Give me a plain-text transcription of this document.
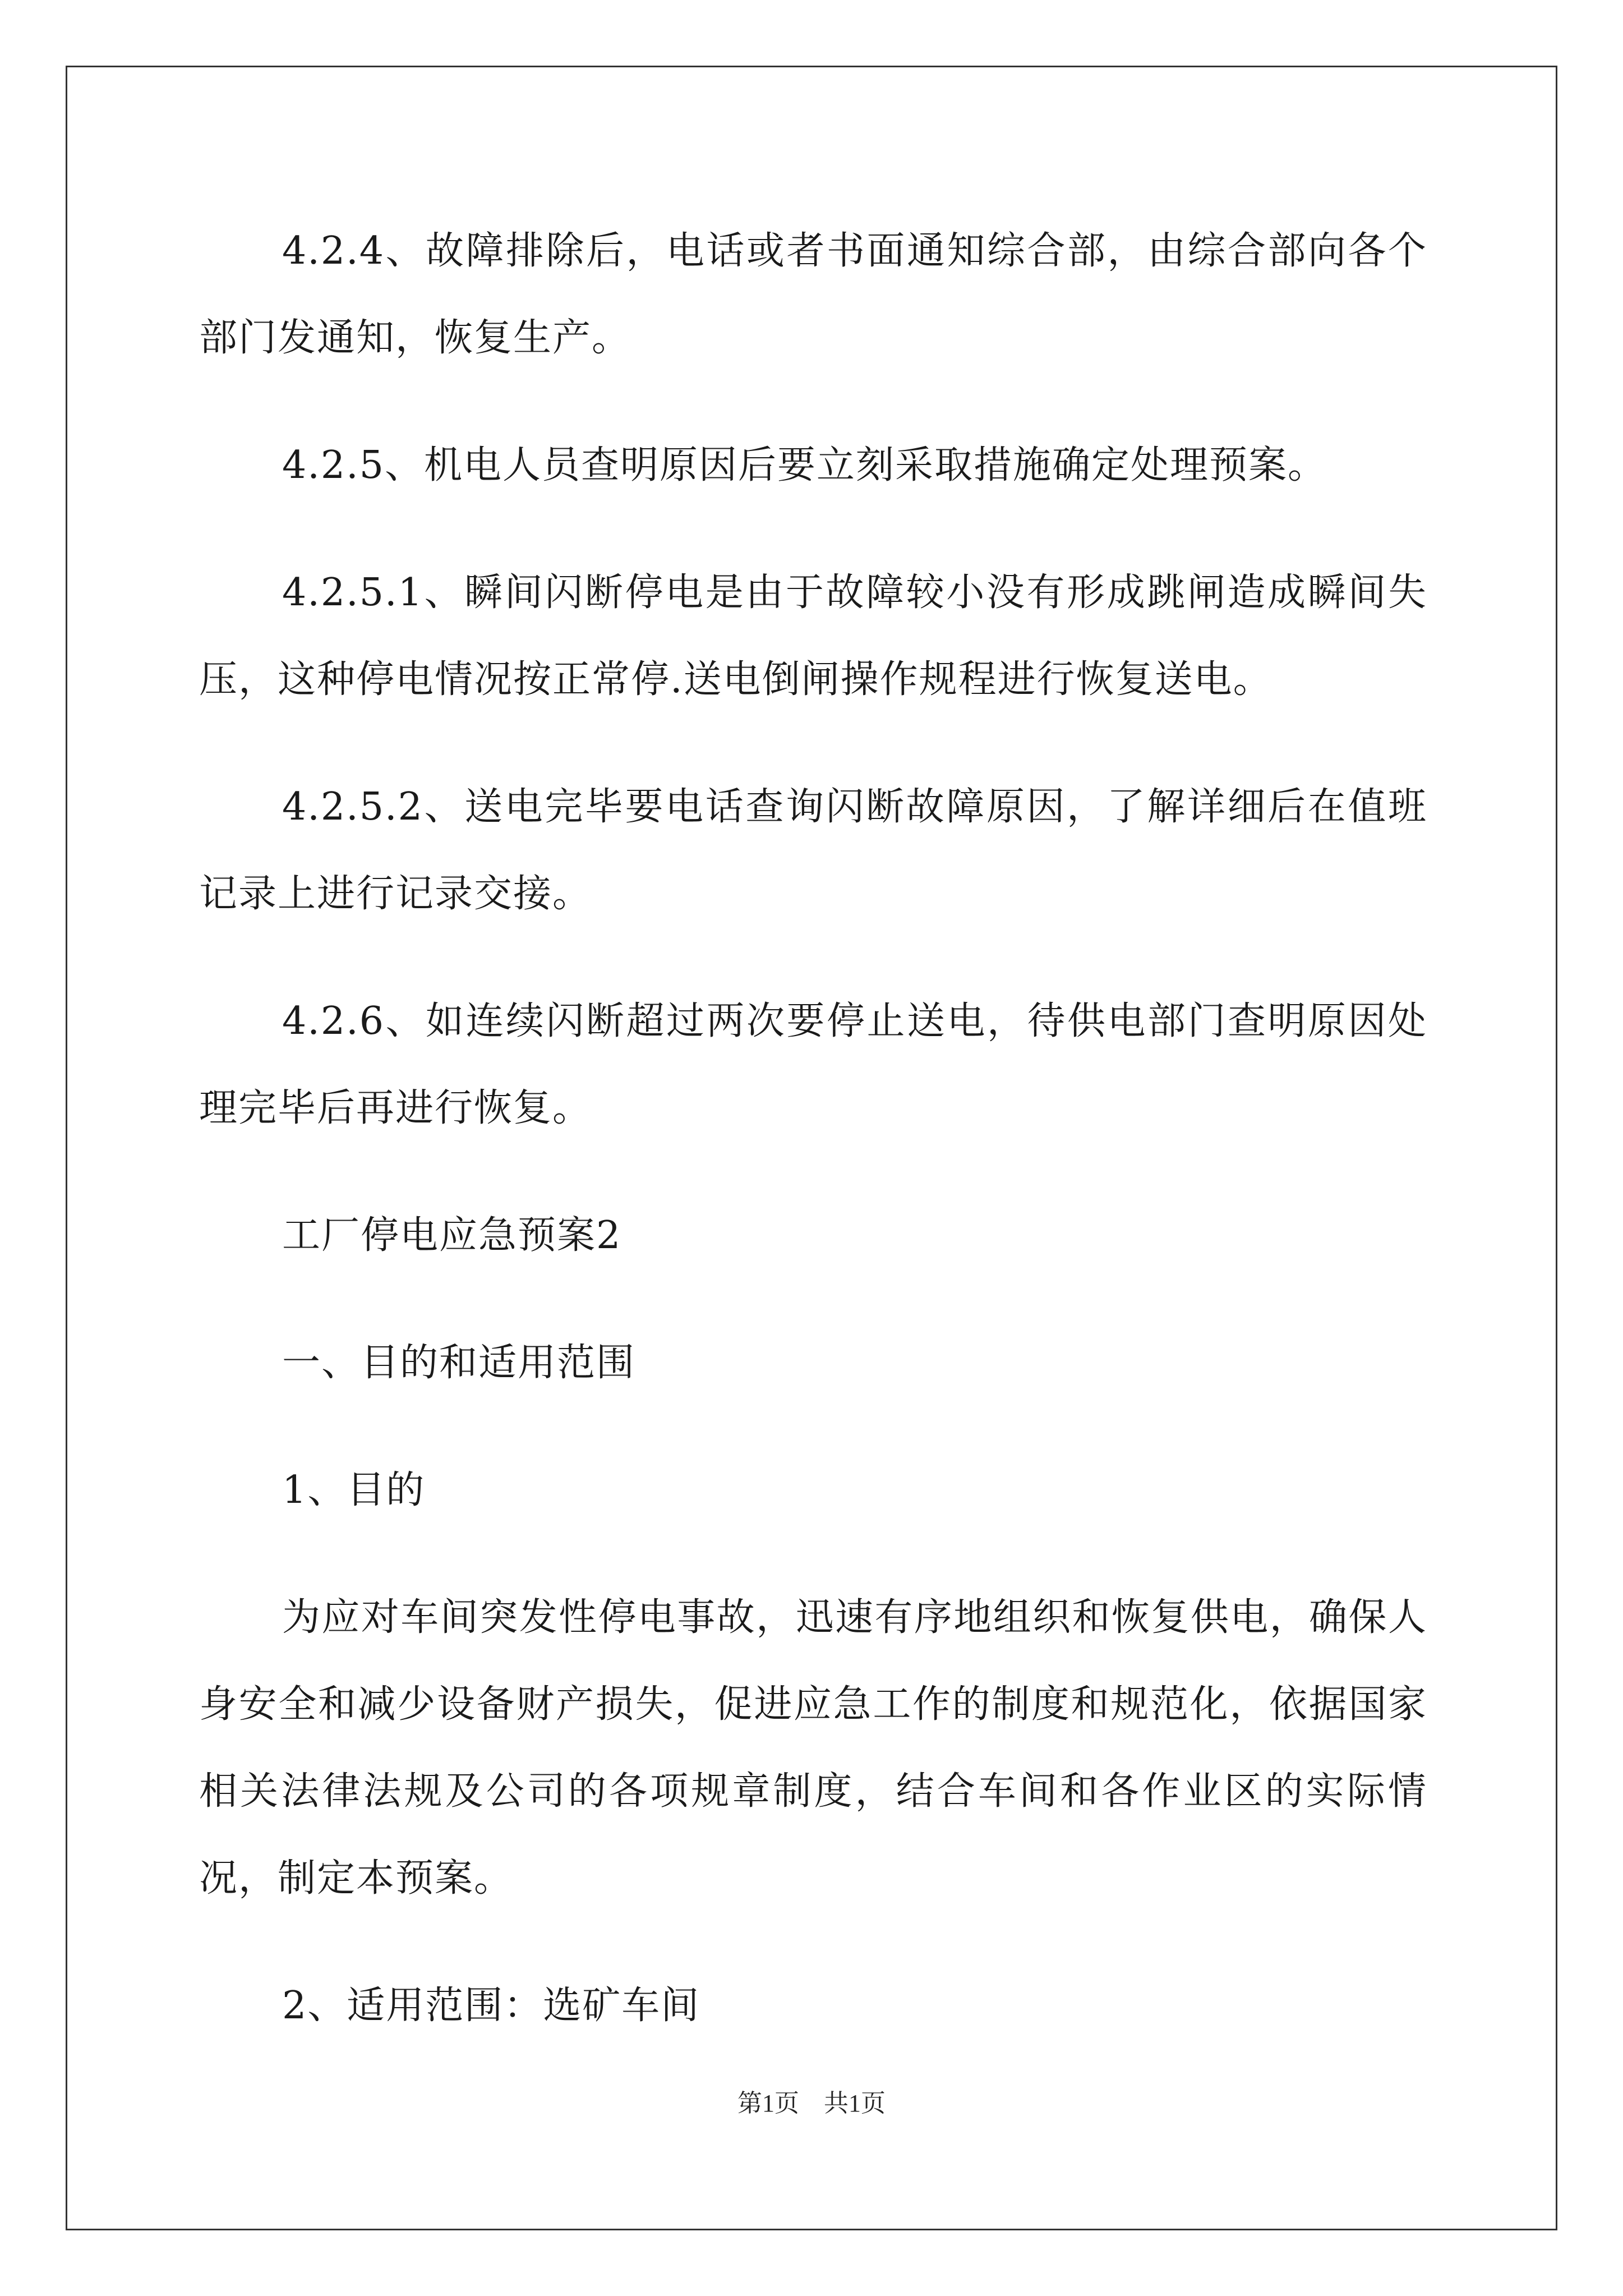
4.2.4、故障排除后，电话或者书面通知综合部，由综合部向各个部门发通知，恢复生产。

4.2.5、机电人员查明原因后要立刻采取措施确定处理预案。

4.2.5.1、瞬间闪断停电是由于故障较小没有形成跳闸造成瞬间失压，这种停电情况按正常停.送电倒闸操作规程进行恢复送电。

4.2.5.2、送电完毕要电话查询闪断故障原因，了解详细后在值班记录上进行记录交接。

4.2.6、如连续闪断超过两次要停止送电，待供电部门查明原因处理完毕后再进行恢复。

工厂停电应急预案2

一、目的和适用范围

1、目的

为应对车间突发性停电事故，迅速有序地组织和恢复供电，确保人身安全和减少设备财产损失，促进应急工作的制度和规范化，依据国家相关法律法规及公司的各项规章制度，结合车间和各作业区的实际情况，制定本预案。

2、适用范围：选矿车间

第1页　共1页
